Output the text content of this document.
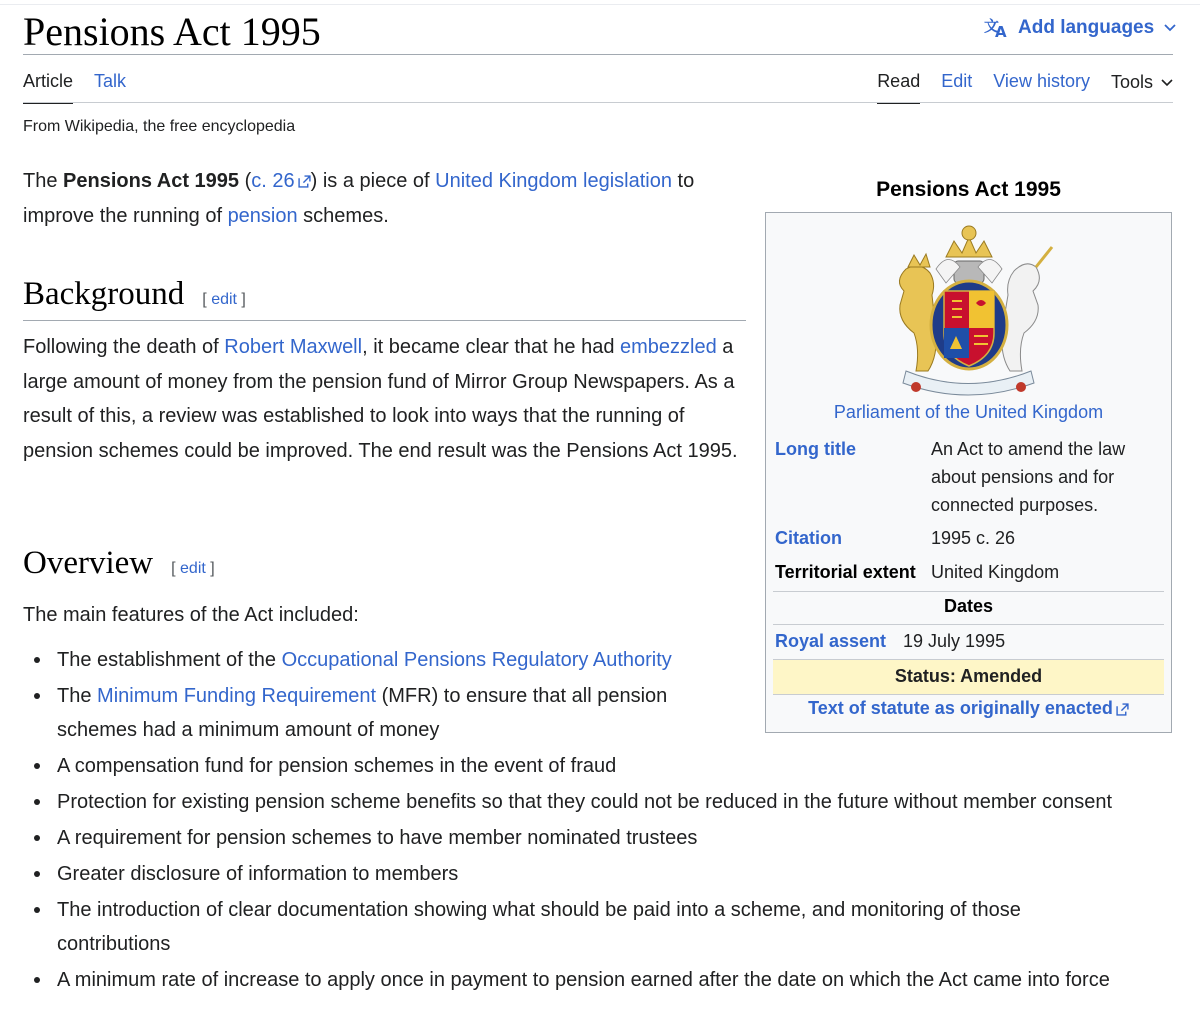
Pensions Act 1995	文
A Add languages
Article Talk	Read Edit View history Tools
From Wikipedia, the free encyclopedia

The Pensions Act 1995 (c. 26 ) is a piece of United Kingdom legislation to improve the running of pension schemes.

Background [ edit ]
Following the death of Robert Maxwell, it became clear that he had embezzled a large amount of money from the pension fund of Mirror Group Newspapers. As a result of this, a review was established to look into ways that the running of pension schemes could be improved. The end result was the Pensions Act 1995.
Overview [ edit ]
The main features of the Act included:
The establishment of the Occupational Pensions Regulatory Authority
The Minimum Funding Requirement (MFR) to ensure that all pension schemes had a minimum amount of money
A compensation fund for pension schemes in the event of fraud
Protection for existing pension scheme benefits so that they could not be reduced in the future without member consent
A requirement for pension schemes to have member nominated trustees
Greater disclosure of information to members
The introduction of clear documentation showing what should be paid into a scheme, and monitoring of those contributions
A minimum rate of increase to apply once in payment to pension earned after the date on which the Act came into force
Pensions Act 1995
Parliament of the United Kingdom
Long title	An Act to amend the law about pensions and for connected purposes.
Citation	1995 c. 26
Territorial extent United Kingdom
Dates
Royal assent 19 July 1995
Status: Amended
Text of statute as originally enacted
